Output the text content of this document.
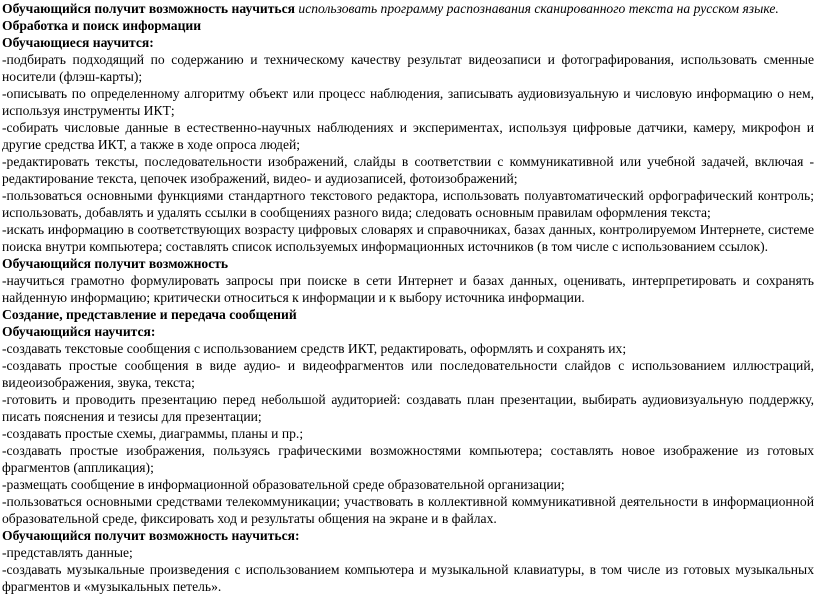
Обучающийся получит возможность научиться использовать программу распознавания сканированного текста на русском языке.

Обработка и поиск информации

Обучающиеся научится:

-подбирать подходящий по содержанию и техническому качеству результат видеозаписи и фотографирования, использовать сменные носители (флэш-карты);

-описывать по определенному алгоритму объект или процесс наблюдения, записывать аудиовизуальную и числовую информацию о нем, используя инструменты ИКТ;

-собирать числовые данные в естественно-научных наблюдениях и экспериментах, используя цифровые датчики, камеру, микрофон и другие средства ИКТ, а также в ходе опроса людей;

-редактировать тексты, последовательности изображений, слайды в соответствии с коммуникативной или учебной задачей, включая - редактирование текста, цепочек изображений, видео- и аудиозаписей, фотоизображений;

-пользоваться основными функциями стандартного текстового редактора, использовать полуавтоматический орфографический контроль; использовать, добавлять и удалять ссылки в сообщениях разного вида; следовать основным правилам оформления текста;

-искать информацию в соответствующих возрасту цифровых словарях и справочниках, базах данных, контролируемом Интернете, системе поиска внутри компьютера; составлять список используемых информационных источников (в том числе с использованием ссылок).

Обучающийся получит возможность

-научиться грамотно формулировать запросы при поиске в сети Интернет и базах данных, оценивать, интерпретировать и сохранять найденную информацию; критически относиться к информации и к выбору источника информации.

Создание, представление и передача сообщений

Обучающийся научится:

-создавать текстовые сообщения с использованием средств ИКТ, редактировать, оформлять и сохранять их;

-создавать простые сообщения в виде аудио- и видеофрагментов или последовательности слайдов с использованием иллюстраций, видеоизображения, звука, текста;

-готовить и проводить презентацию перед небольшой аудиторией: создавать план презентации, выбирать аудиовизуальную поддержку, писать пояснения и тезисы для презентации;

-создавать простые схемы, диаграммы, планы и пр.;

-создавать простые изображения, пользуясь графическими возможностями компьютера; составлять новое изображение из готовых фрагментов (аппликация);

-размещать сообщение в информационной образовательной среде образовательной организации;

-пользоваться основными средствами телекоммуникации; участвовать в коллективной коммуникативной деятельности в информационной образовательной среде, фиксировать ход и результаты общения на экране и в файлах.

Обучающийся получит возможность научиться:

-представлять данные;

-создавать музыкальные произведения с использованием компьютера и музыкальной клавиатуры, в том числе из готовых музыкальных фрагментов и «музыкальных петель».
